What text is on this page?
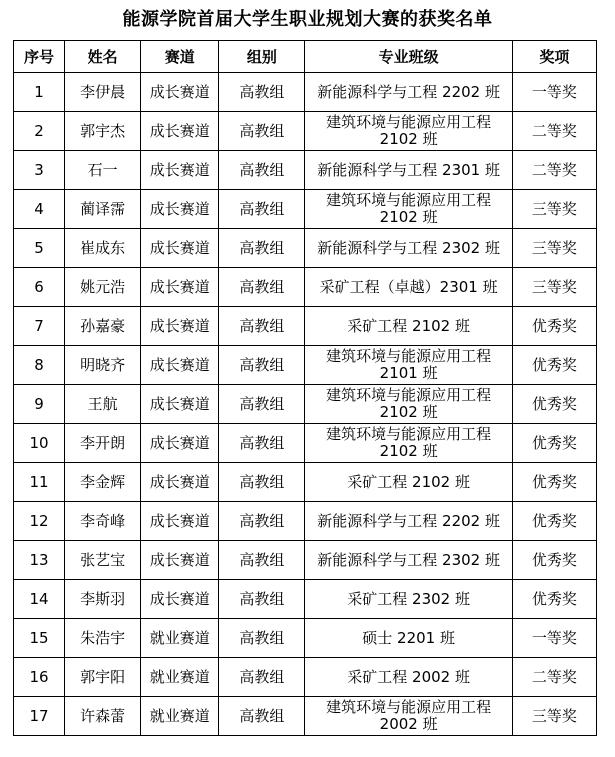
能源学院首届大学生职业规划大赛的获奖名单
序号	姓名	赛道	组别	专业班级	奖项
1	李伊晨	成长赛道	高教组	新能源科学与工程 2202 班	一等奖
2	郭宇杰	成长赛道	高教组	建筑环境与能源应用工程 2102 班	二等奖
3	石一	成长赛道	高教组	新能源科学与工程 2301 班	二等奖
4	蔺译霈	成长赛道	高教组	建筑环境与能源应用工程 2102 班	三等奖
5	崔成东	成长赛道	高教组	新能源科学与工程 2302 班	三等奖
6	姚元浩	成长赛道	高教组	采矿工程（卓越）2301 班	三等奖
7	孙嘉豪	成长赛道	高教组	采矿工程 2102 班	优秀奖
8	明晓齐	成长赛道	高教组	建筑环境与能源应用工程 2101 班	优秀奖
9	王航	成长赛道	高教组	建筑环境与能源应用工程 2102 班	优秀奖
10	李开朗	成长赛道	高教组	建筑环境与能源应用工程 2102 班	优秀奖
11	李金辉	成长赛道	高教组	采矿工程 2102 班	优秀奖
12	李奇峰	成长赛道	高教组	新能源科学与工程 2202 班	优秀奖
13	张艺宝	成长赛道	高教组	新能源科学与工程 2302 班	优秀奖
14	李斯羽	成长赛道	高教组	采矿工程 2302 班	优秀奖
15	朱浩宇	就业赛道	高教组	硕士 2201 班	一等奖
16	郭宇阳	就业赛道	高教组	采矿工程 2002 班	二等奖
17	许森蕾	就业赛道	高教组	建筑环境与能源应用工程 2002 班	三等奖
